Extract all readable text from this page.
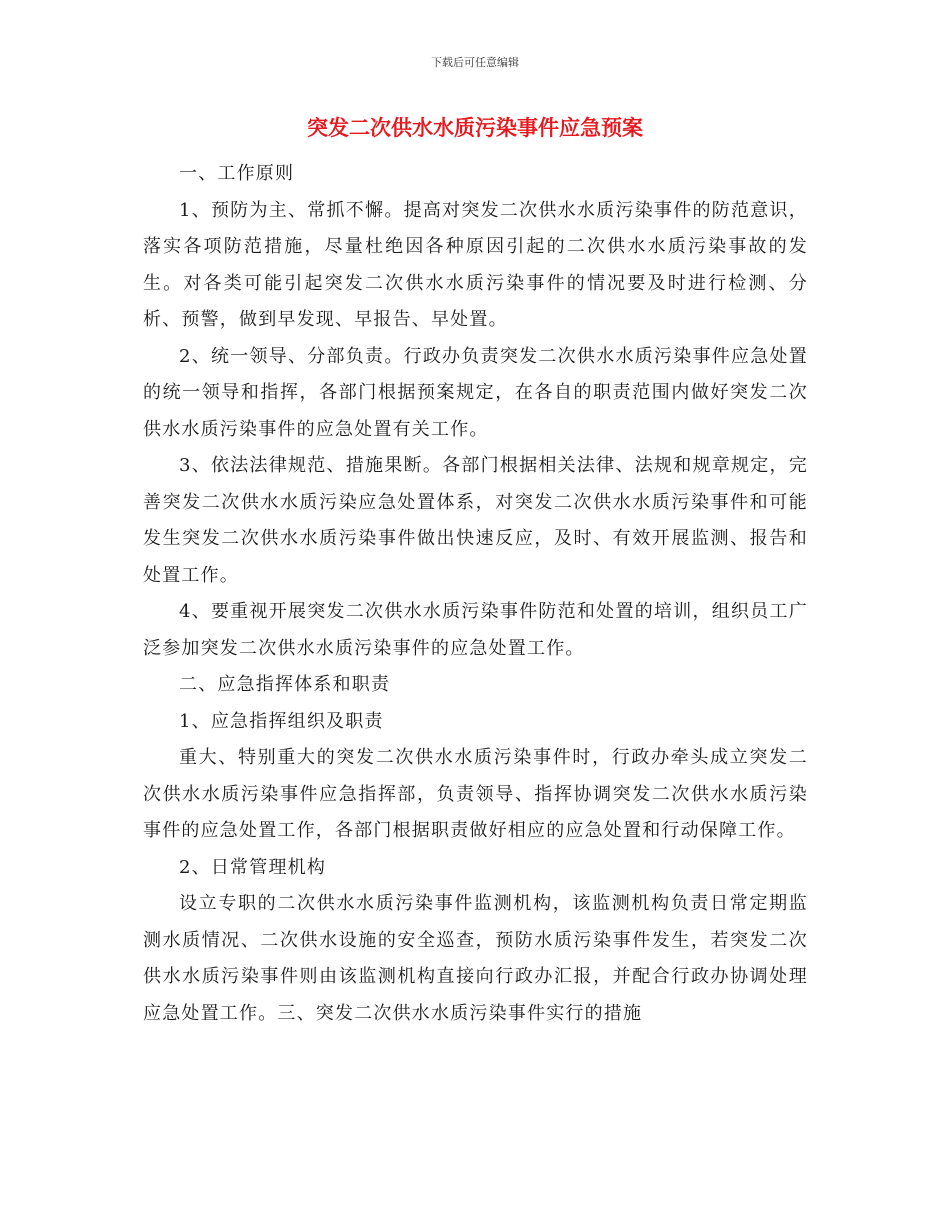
下载后可任意编辑
突发二次供水水质污染事件应急预案

一、工作原则

1、预防为主、常抓不懈。提高对突发二次供水水质污染事件的防范意识，落实各项防范措施，尽量杜绝因各种原因引起的二次供水水质污染事故的发生。对各类可能引起突发二次供水水质污染事件的情况要及时进行检测、分析、预警，做到早发现、早报告、早处置。

2、统一领导、分部负责。行政办负责突发二次供水水质污染事件应急处置的统一领导和指挥，各部门根据预案规定，在各自的职责范围内做好突发二次供水水质污染事件的应急处置有关工作。

3、依法法律规范、措施果断。各部门根据相关法律、法规和规章规定，完善突发二次供水水质污染应急处置体系，对突发二次供水水质污染事件和可能发生突发二次供水水质污染事件做出快速反应，及时、有效开展监测、报告和处置工作。

4、要重视开展突发二次供水水质污染事件防范和处置的培训，组织员工广泛参加突发二次供水水质污染事件的应急处置工作。

二、应急指挥体系和职责

1、应急指挥组织及职责

重大、特别重大的突发二次供水水质污染事件时，行政办牵头成立突发二次供水水质污染事件应急指挥部，负责领导、指挥协调突发二次供水水质污染事件的应急处置工作，各部门根据职责做好相应的应急处置和行动保障工作。

2、日常管理机构

设立专职的二次供水水质污染事件监测机构，该监测机构负责日常定期监测水质情况、二次供水设施的安全巡查，预防水质污染事件发生，若突发二次供水水质污染事件则由该监测机构直接向行政办汇报，并配合行政办协调处理应急处置工作。三、突发二次供水水质污染事件实行的措施
